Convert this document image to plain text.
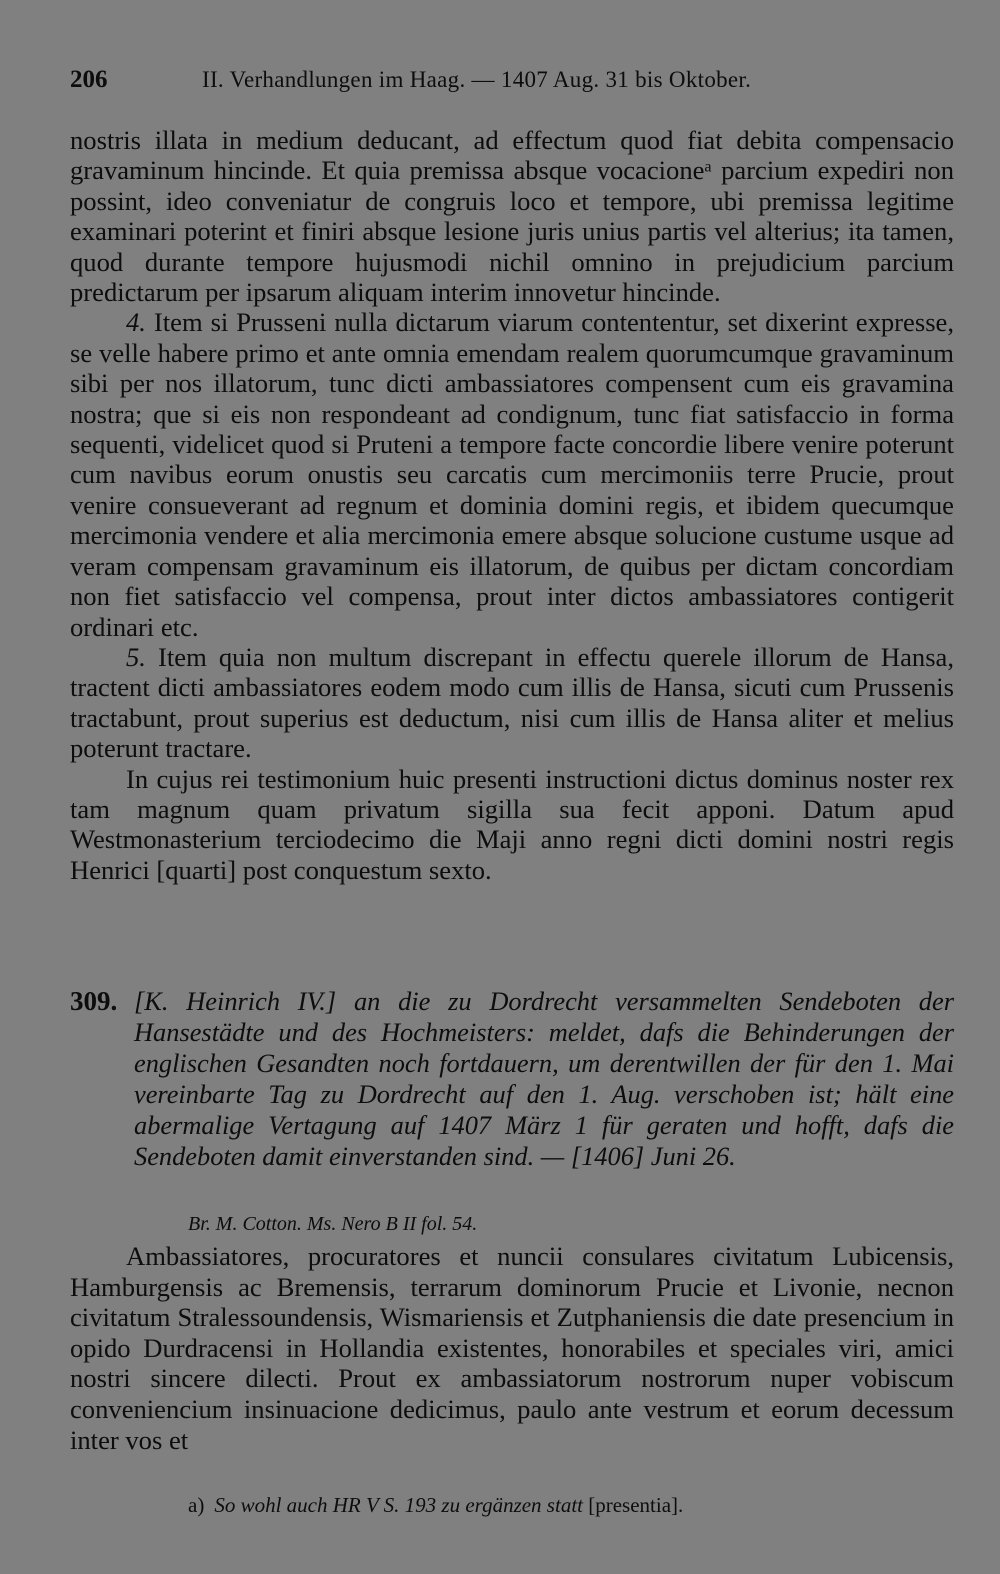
206	II. Verhandlungen im Haag. — 1407 Aug. 31 bis Oktober.

nostris illata in medium deducant, ad effectum quod fiat debita compensacio gravaminum hincinde. Et quia premissa absque vocacioneᵃ parcium expediri non possint, ideo conveniatur de congruis loco et tempore, ubi premissa legitime examinari poterint et finiri absque lesione juris unius partis vel alterius; ita tamen, quod durante tempore hujusmodi nichil omnino in prejudicium parcium predictarum per ipsarum aliquam interim innovetur hincinde.

4. Item si Prusseni nulla dictarum viarum contententur, set dixerint expresse, se velle habere primo et ante omnia emendam realem quorumcumque gravaminum sibi per nos illatorum, tunc dicti ambassiatores compensent cum eis gravamina nostra; que si eis non respondeant ad condignum, tunc fiat satisfaccio in forma sequenti, videlicet quod si Pruteni a tempore facte concordie libere venire poterunt cum navibus eorum onustis seu carcatis cum mercimoniis terre Prucie, prout venire consueverant ad regnum et dominia domini regis, et ibidem quecumque mercimonia vendere et alia mercimonia emere absque solucione custume usque ad veram compensam gravaminum eis illatorum, de quibus per dictam concordiam non fiet satisfaccio vel compensa, prout inter dictos ambassiatores contigerit ordinari etc.

5. Item quia non multum discrepant in effectu querele illorum de Hansa, tractent dicti ambassiatores eodem modo cum illis de Hansa, sicuti cum Prussenis tractabunt, prout superius est deductum, nisi cum illis de Hansa aliter et melius poterunt tractare.

In cujus rei testimonium huic presenti instructioni dictus dominus noster rex tam magnum quam privatum sigilla sua fecit apponi. Datum apud Westmonasterium terciodecimo die Maji anno regni dicti domini nostri regis Henrici [quarti] post conquestum sexto.

309. [K. Heinrich IV.] an die zu Dordrecht versammelten Sendeboten der Hansestädte und des Hochmeisters: meldet, dafs die Behinderungen der englischen Gesandten noch fortdauern, um derentwillen der für den 1. Mai vereinbarte Tag zu Dordrecht auf den 1. Aug. verschoben ist; hält eine abermalige Vertagung auf 1407 März 1 für geraten und hofft, dafs die Sendeboten damit einverstanden sind. — [1406] Juni 26.

Br. M. Cotton. Ms. Nero B II fol. 54.

Ambassiatores, procuratores et nuncii consulares civitatum Lubicensis, Hamburgensis ac Bremensis, terrarum dominorum Prucie et Livonie, necnon civitatum Stralessoundensis, Wismariensis et Zutphaniensis die date presencium in opido Durdracensi in Hollandia existentes, honorabiles et speciales viri, amici nostri sincere dilecti. Prout ex ambassiatorum nostrorum nuper vobiscum conveniencium insinuacione dedicimus, paulo ante vestrum et eorum decessum inter vos et

a) So wohl auch HR V S. 193 zu ergänzen statt [presentia].
